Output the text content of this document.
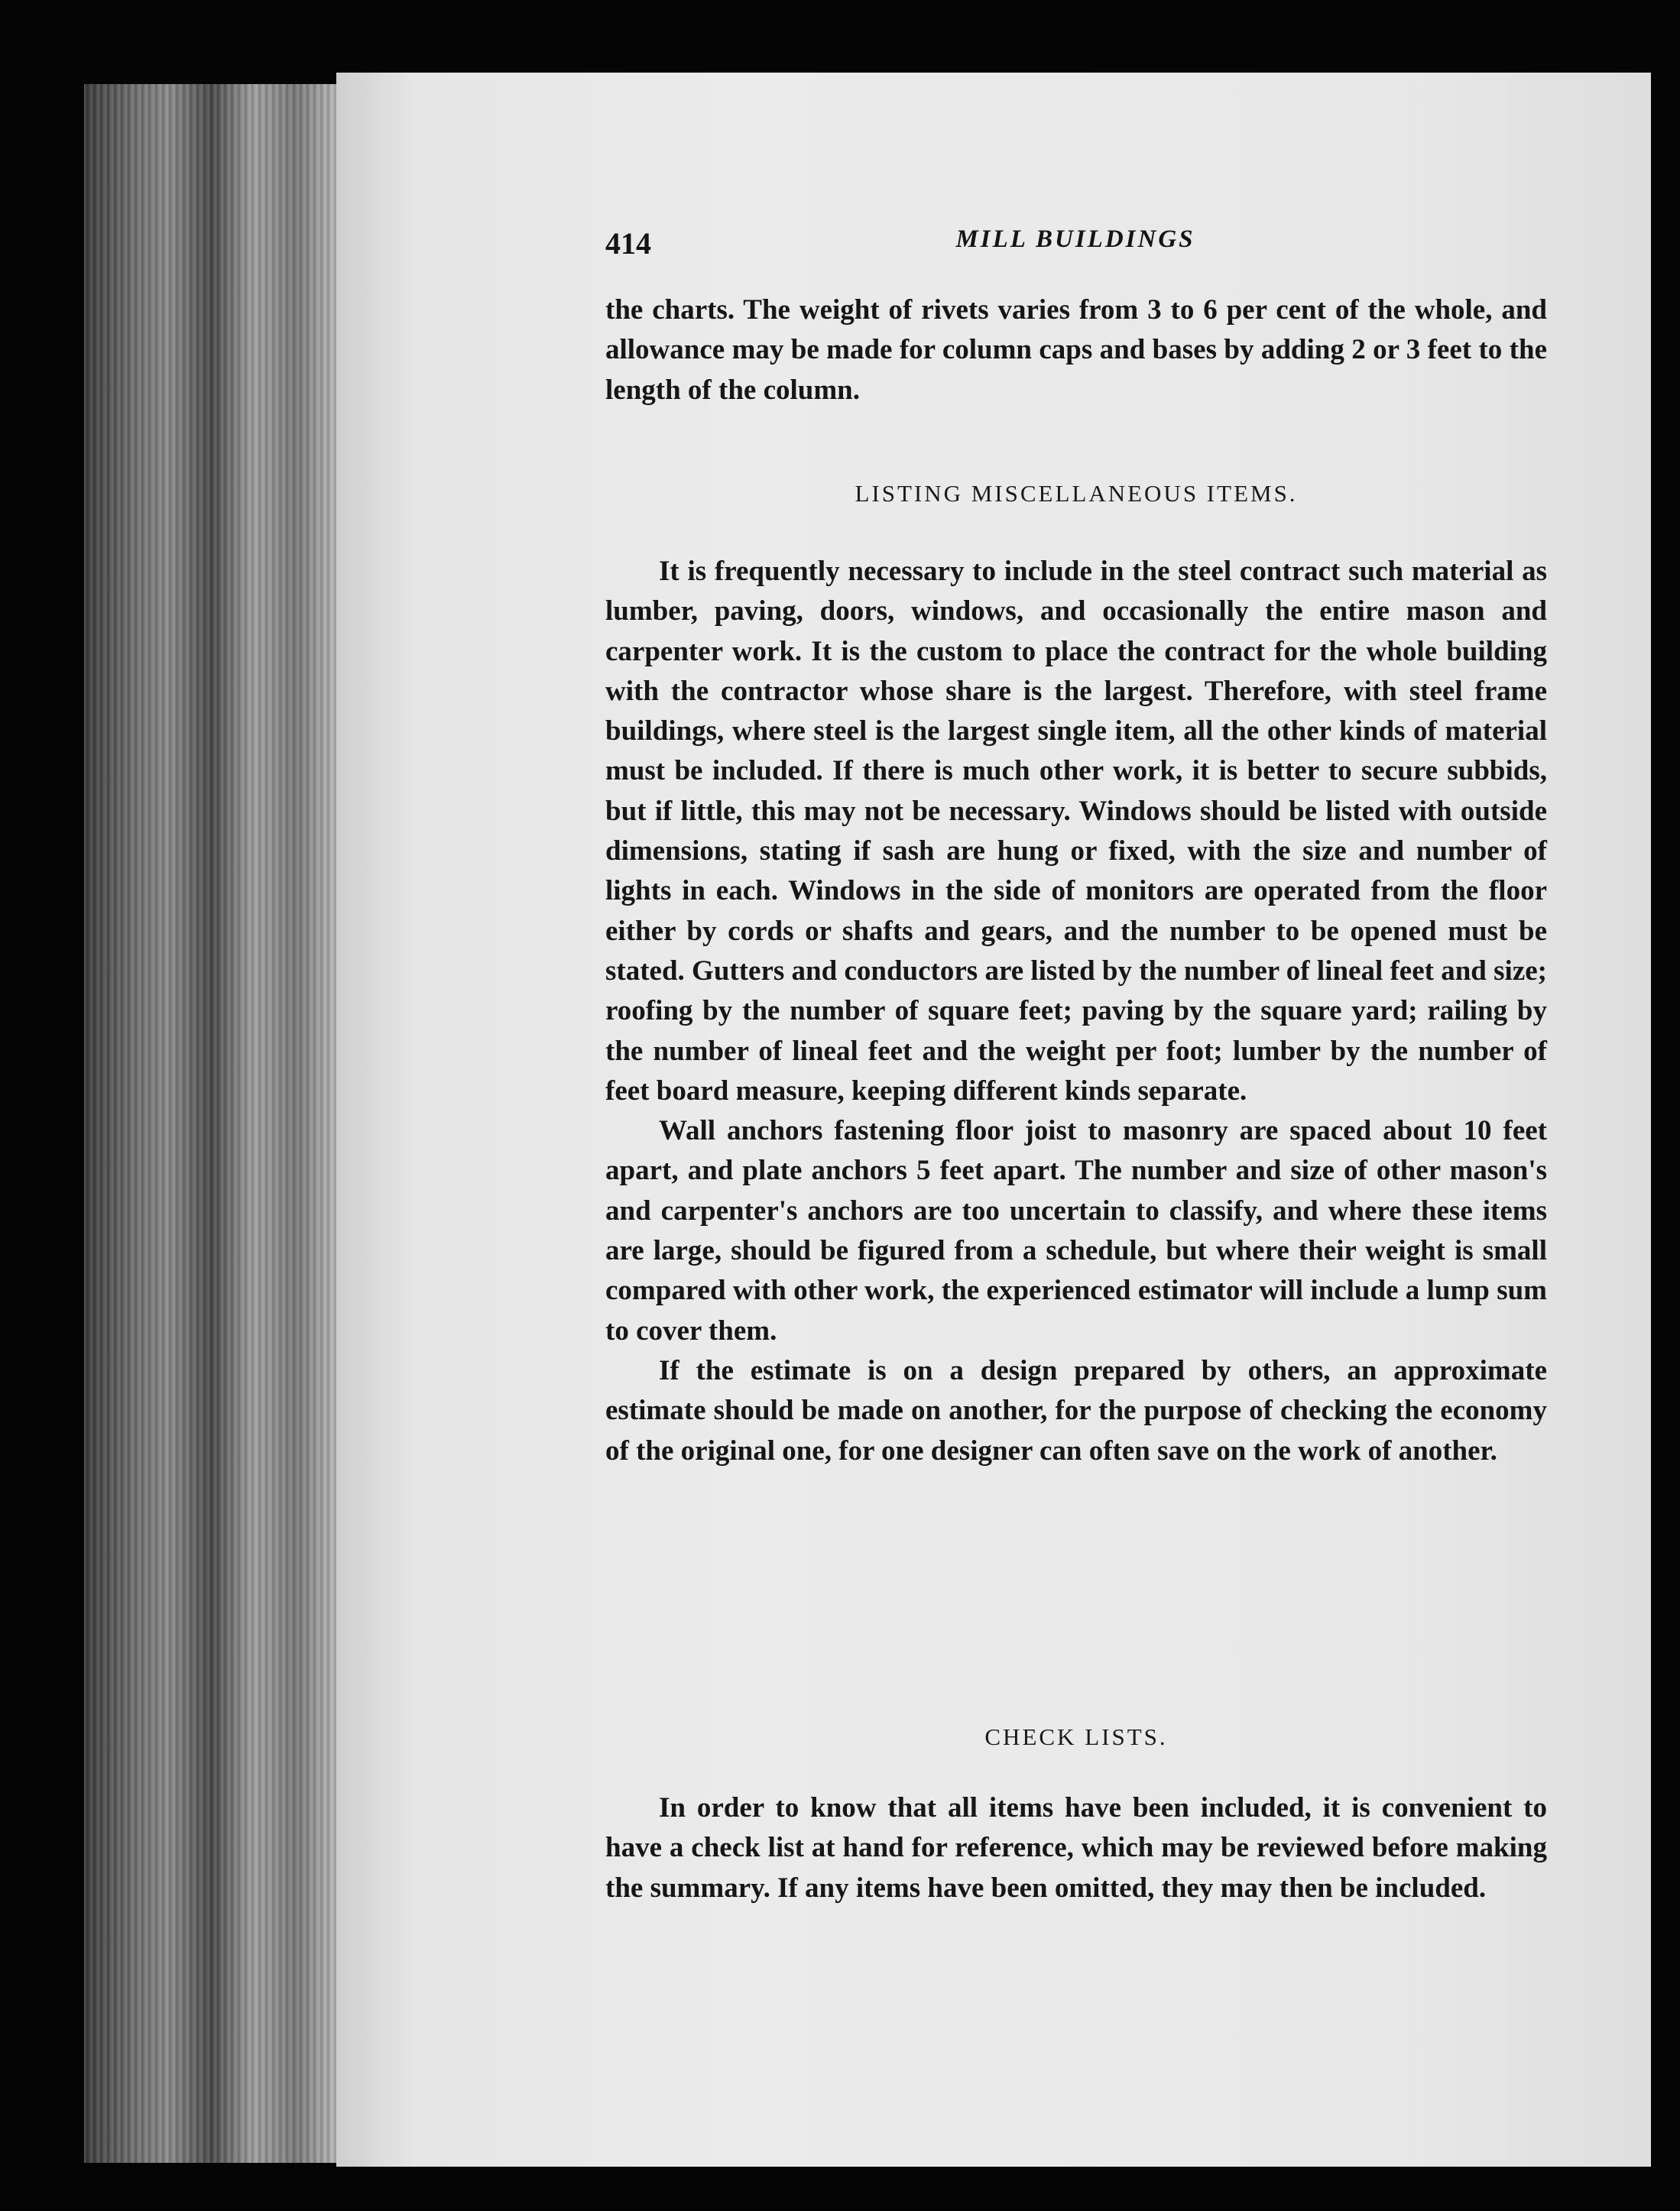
414	MILL BUILDINGS

the charts. The weight of rivets varies from 3 to 6 per cent of the whole, and allowance may be made for column caps and bases by adding 2 or 3 feet to the length of the column.

LISTING MISCELLANEOUS ITEMS.

It is frequently necessary to include in the steel contract such material as lumber, paving, doors, windows, and occasionally the entire mason and carpenter work. It is the custom to place the contract for the whole building with the contractor whose share is the largest. Therefore, with steel frame buildings, where steel is the largest single item, all the other kinds of material must be included. If there is much other work, it is better to secure subbids, but if little, this may not be necessary. Windows should be listed with outside dimensions, stating if sash are hung or fixed, with the size and number of lights in each. Windows in the side of monitors are operated from the floor either by cords or shafts and gears, and the number to be opened must be stated. Gutters and conductors are listed by the number of lineal feet and size; roofing by the number of square feet; paving by the square yard; railing by the number of lineal feet and the weight per foot; lumber by the number of feet board measure, keeping different kinds separate.

Wall anchors fastening floor joist to masonry are spaced about 10 feet apart, and plate anchors 5 feet apart. The number and size of other mason's and carpenter's anchors are too uncertain to classify, and where these items are large, should be figured from a schedule, but where their weight is small compared with other work, the experienced estimator will include a lump sum to cover them.

If the estimate is on a design prepared by others, an approximate estimate should be made on another, for the purpose of checking the economy of the original one, for one designer can often save on the work of another.

CHECK LISTS.

In order to know that all items have been included, it is convenient to have a check list at hand for reference, which may be reviewed before making the summary. If any items have been omitted, they may then be included.
